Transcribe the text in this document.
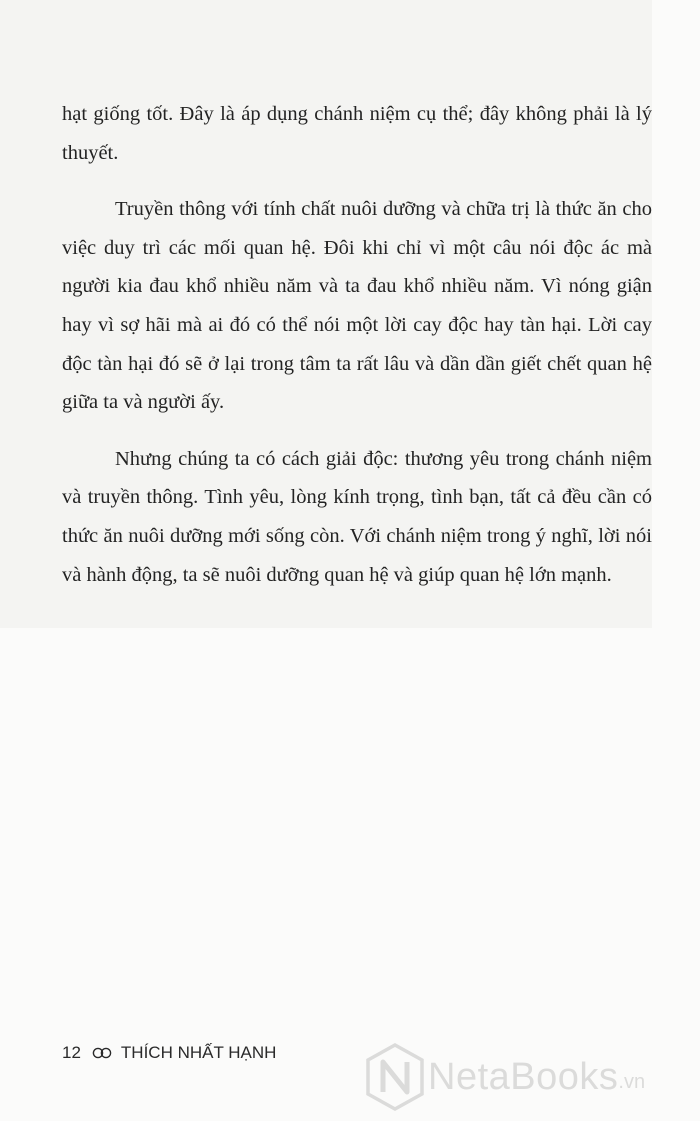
hạt giống tốt. Đây là áp dụng chánh niệm cụ thể; đây không phải là lý thuyết.

Truyền thông với tính chất nuôi dưỡng và chữa trị là thức ăn cho việc duy trì các mối quan hệ. Đôi khi chỉ vì một câu nói độc ác mà người kia đau khổ nhiều năm và ta đau khổ nhiều năm. Vì nóng giận hay vì sợ hãi mà ai đó có thể nói một lời cay độc hay tàn hại. Lời cay độc tàn hại đó sẽ ở lại trong tâm ta rất lâu và dần dần giết chết quan hệ giữa ta và người ấy.

Nhưng chúng ta có cách giải độc: thương yêu trong chánh niệm và truyền thông. Tình yêu, lòng kính trọng, tình bạn, tất cả đều cần có thức ăn nuôi dưỡng mới sống còn. Với chánh niệm trong ý nghĩ, lời nói và hành động, ta sẽ nuôi dưỡng quan hệ và giúp quan hệ lớn mạnh.

12 THÍCH NHẤT HẠNH
NetaBooks .vn
